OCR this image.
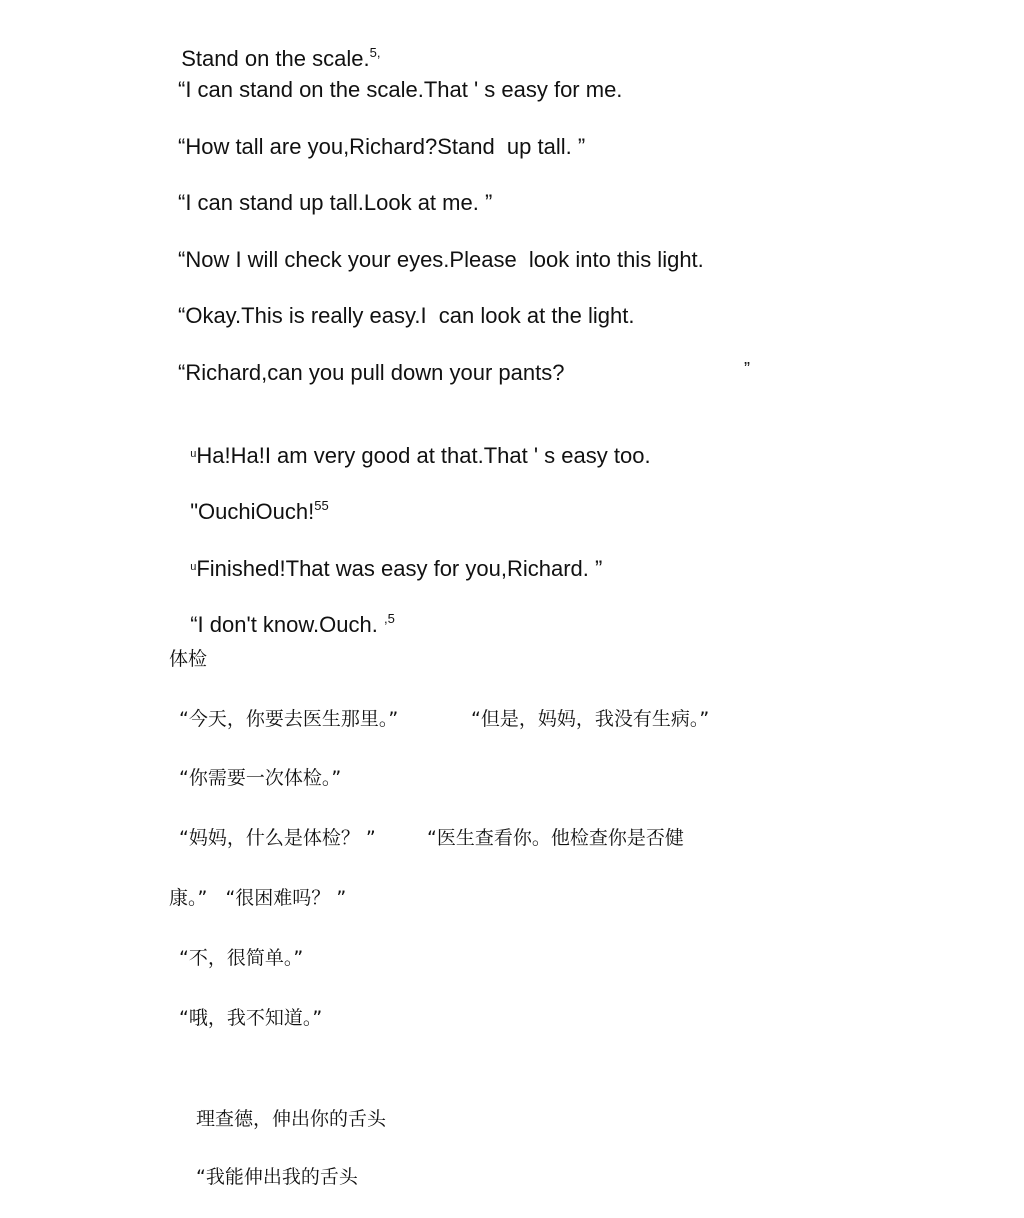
Stand on the scale.$^{5,}$

“I can stand on the scale.That ' s easy for me.
“How tall are you,Richard?Stand  up tall. ”
“I can stand up tall.Look at me. ”
“Now I will check your eyes.Please  look into this light.
“Okay.This is really easy.I  can look at the light.
“Richard,can you pull down your pants?	”

$^u$Ha!Ha!I am very good at that.That ' s easy too.

"OuchiOuch!$^{55}$

$^u$Finished!That was easy for you,Richard. ”

“I don't know.Ouch. $^{,5}$

体检
“今天，你要去医生那里。”	“但是，妈妈，我没有生病。”
“你需要一次体检。”
“妈妈，什么是体检？ ”	“医生查看你。他检查你是否健
康。”   “很困难吗？ ”
“不，很简单。”
“哦，我不知道。”
理查德，伸出你的舌头
“我能伸出我的舌头
